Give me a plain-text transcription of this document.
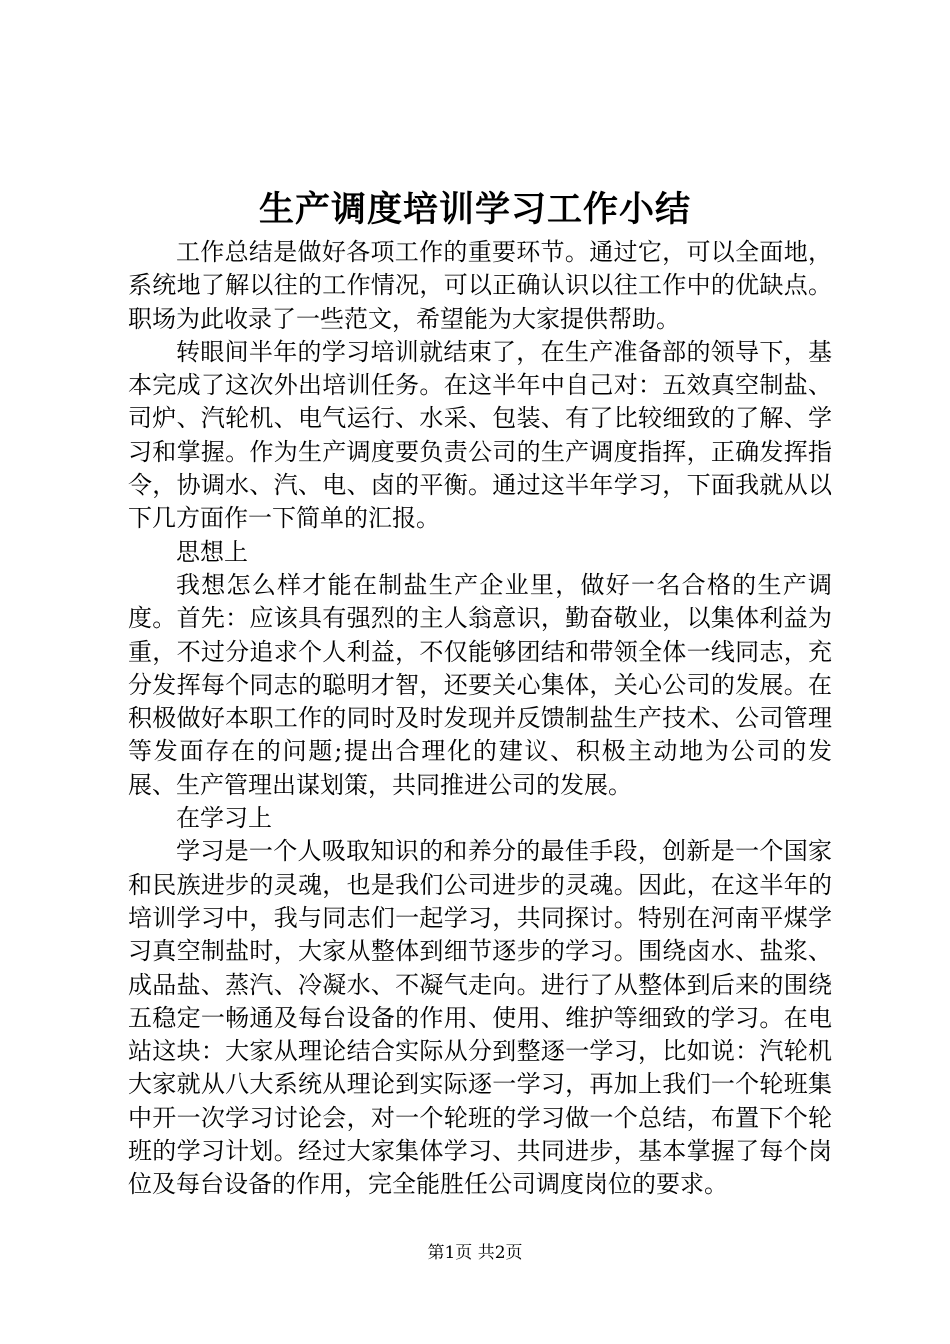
生产调度培训学习工作小结

工作总结是做好各项工作的重要环节。通过它，可以全面地，系统地了解以往的工作情况，可以正确认识以往工作中的优缺点。职场为此收录了一些范文，希望能为大家提供帮助。

转眼间半年的学习培训就结束了，在生产准备部的领导下，基本完成了这次外出培训任务。在这半年中自己对：五效真空制盐、司炉、汽轮机、电气运行、水采、包装、有了比较细致的了解、学习和掌握。作为生产调度要负责公司的生产调度指挥，正确发挥指令，协调水、汽、电、卤的平衡。通过这半年学习，下面我就从以下几方面作一下简单的汇报。

思想上

我想怎么样才能在制盐生产企业里，做好一名合格的生产调度。首先：应该具有强烈的主人翁意识，勤奋敬业，以集体利益为重，不过分追求个人利益，不仅能够团结和带领全体一线同志，充分发挥每个同志的聪明才智，还要关心集体，关心公司的发展。在积极做好本职工作的同时及时发现并反馈制盐生产技术、公司管理等发面存在的问题;提出合理化的建议、积极主动地为公司的发展、生产管理出谋划策，共同推进公司的发展。

在学习上

学习是一个人吸取知识的和养分的最佳手段，创新是一个国家和民族进步的灵魂，也是我们公司进步的灵魂。因此，在这半年的培训学习中，我与同志们一起学习，共同探讨。特别在河南平煤学习真空制盐时，大家从整体到细节逐步的学习。围绕卤水、盐浆、成品盐、蒸汽、冷凝水、不凝气走向。进行了从整体到后来的围绕五稳定一畅通及每台设备的作用、使用、维护等细致的学习。在电站这块：大家从理论结合实际从分到整逐一学习，比如说：汽轮机大家就从八大系统从理论到实际逐一学习，再加上我们一个轮班集中开一次学习讨论会，对一个轮班的学习做一个总结，布置下个轮班的学习计划。经过大家集体学习、共同进步，基本掌握了每个岗位及每台设备的作用，完全能胜任公司调度岗位的要求。

第1页 共2页
